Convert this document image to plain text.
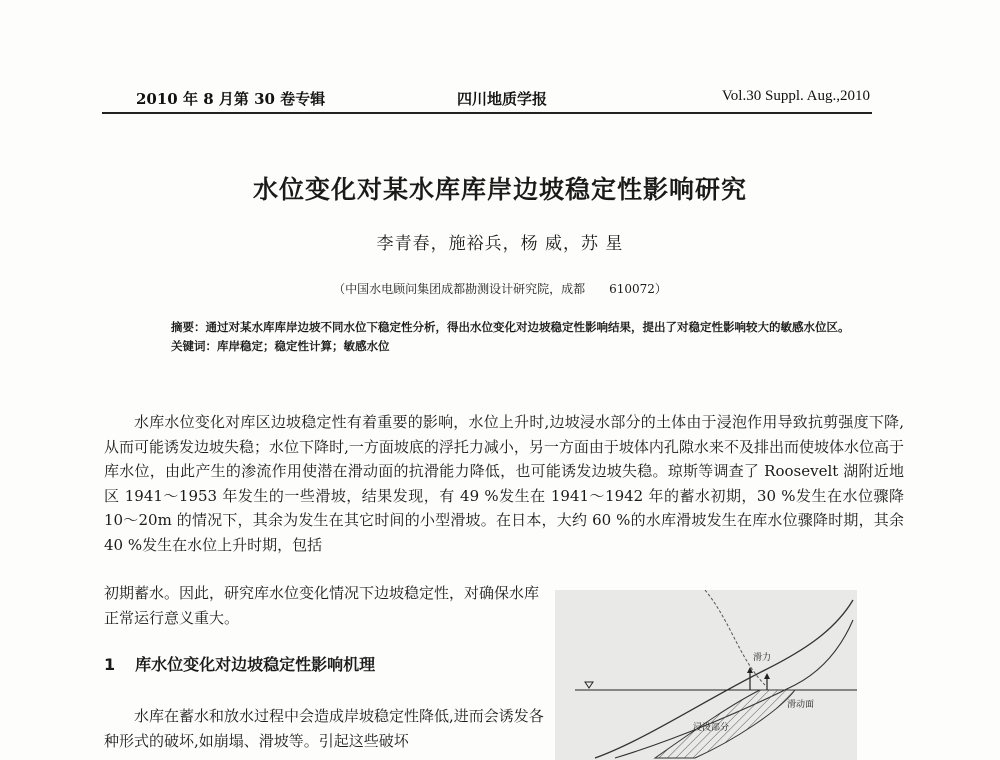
2010 年 8 月第 30 卷专辑	四川地质学报	Vol.30 Suppl. Aug.,2010
水位变化对某水库库岸边坡稳定性影响研究
李青春，施裕兵，杨 威，苏 星
（中国水电顾问集团成都勘测设计研究院，成都　　610072）

摘要：通过对某水库库岸边坡不同水位下稳定性分析，得出水位变化对边坡稳定性影响结果，提出了对稳定性影响较大的敏感水位区。

关键词：库岸稳定；稳定性计算；敏感水位

水库水位变化对库区边坡稳定性有着重要的影响，水位上升时,边坡浸水部分的土体由于浸泡作用导致抗剪强度下降,从而可能诱发边坡失稳；水位下降时,一方面坡底的浮托力减小，另一方面由于坡体内孔隙水来不及排出而使坡体水位高于库水位，由此产生的渗流作用使潜在滑动面的抗滑能力降低，也可能诱发边坡失稳。琼斯等调查了 Roosevelt 湖附近地区 1941～1953 年发生的一些滑坡，结果发现，有 49 %发生在 1941～1942 年的蓄水初期，30 %发生在水位骤降 10～20m 的情况下，其余为发生在其它时间的小型滑坡。在日本，大约 60 %的水库滑坡发生在库水位骤降时期，其余 40 %发生在水位上升时期，包括

初期蓄水。因此，研究库水位变化情况下边坡稳定性，对确保水库正常运行意义重大。
1 库水位变化对边坡稳定性影响机理
水库在蓄水和放水过程中会造成岸坡稳定性降低,进而会诱发各种形式的破坏,如崩塌、滑坡等。引起这些破坏
滑力
滑动面
浸没部分
